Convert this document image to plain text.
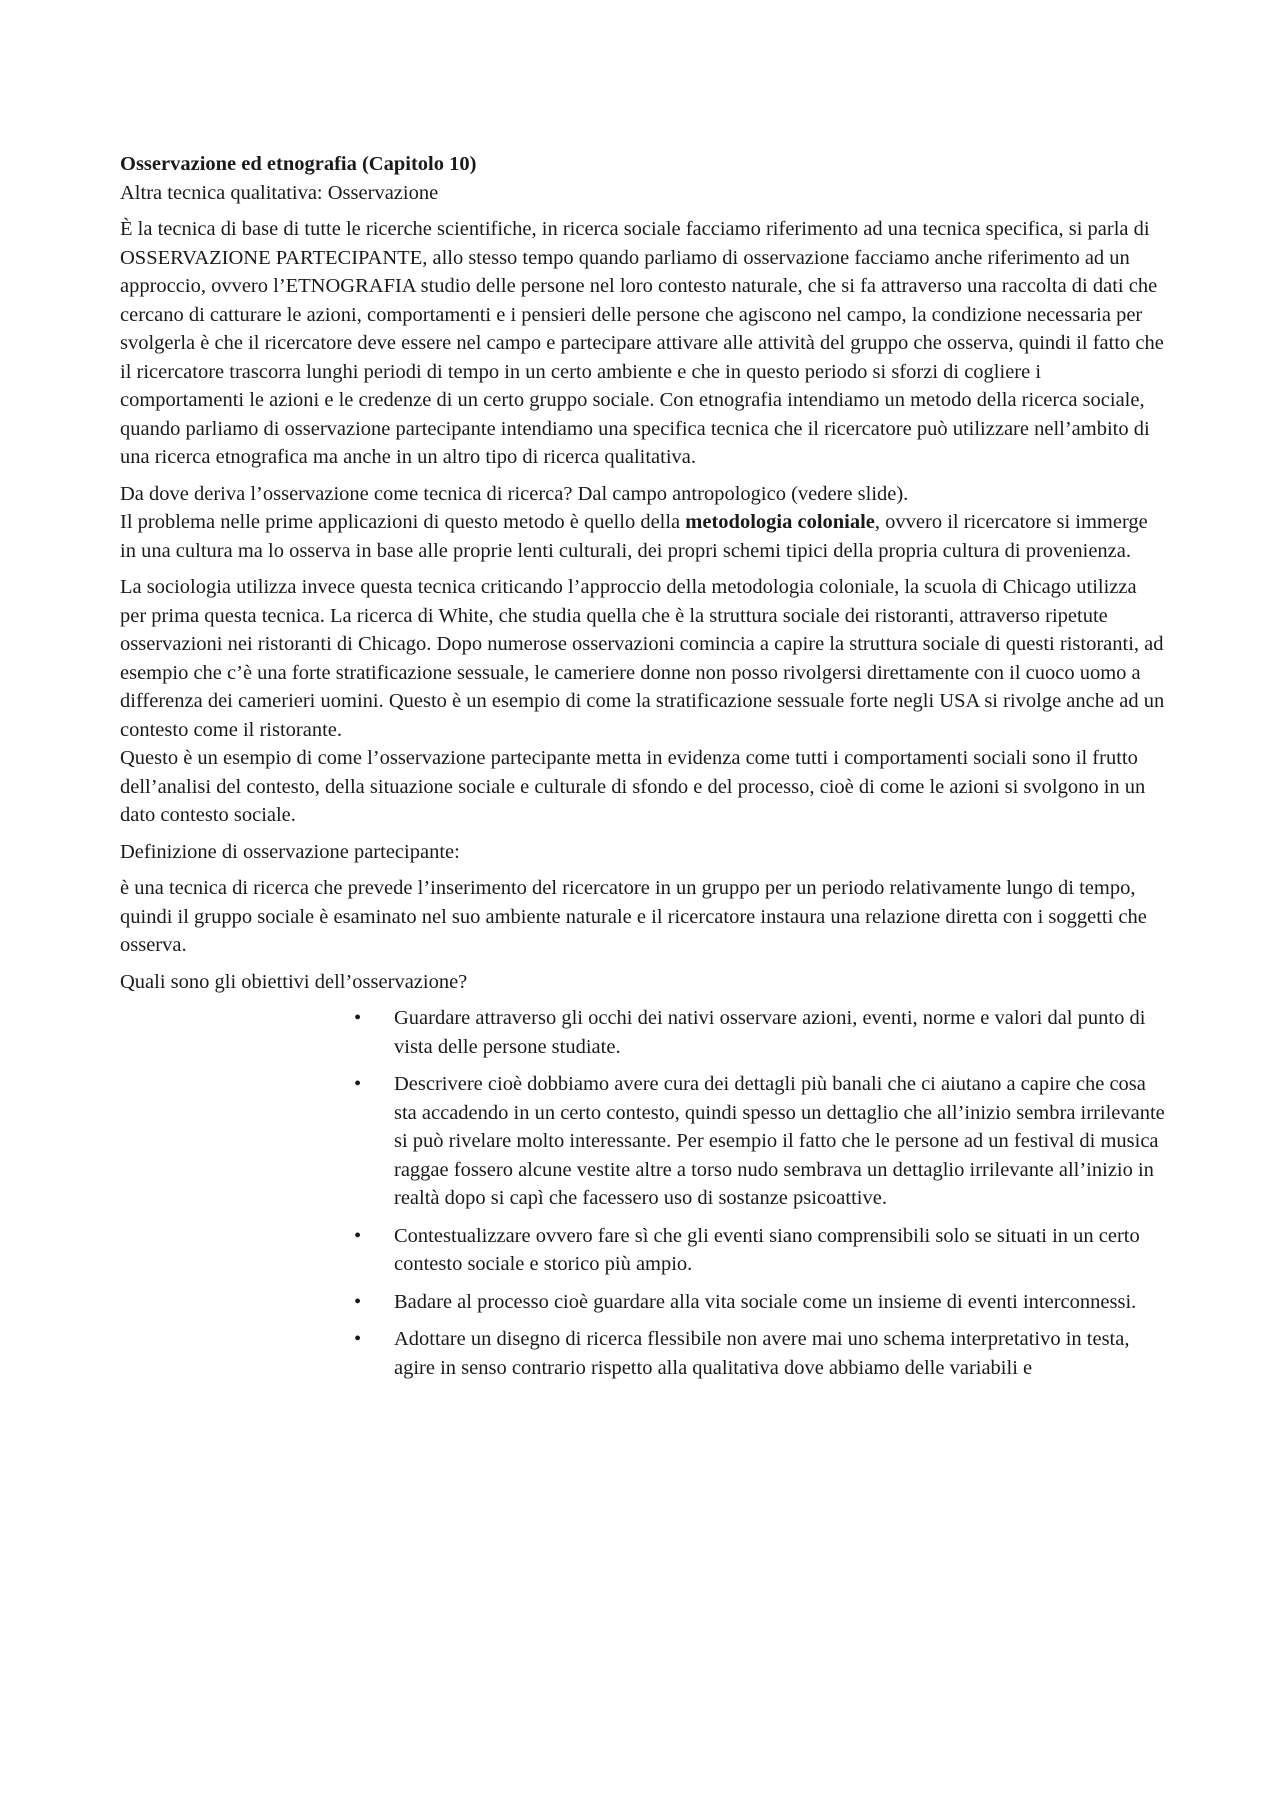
Osservazione ed etnografia (Capitolo 10)
Altra tecnica qualitativa: Osservazione

È la tecnica di base di tutte le ricerche scientifiche, in ricerca sociale facciamo riferimento ad una tecnica specifica, si parla di OSSERVAZIONE PARTECIPANTE, allo stesso tempo quando parliamo di osservazione facciamo anche riferimento ad un approccio, ovvero l’ETNOGRAFIA studio delle persone nel loro contesto naturale, che si fa attraverso una raccolta di dati che cercano di catturare le azioni, comportamenti e i pensieri delle persone che agiscono nel campo, la condizione necessaria per svolgerla è che il ricercatore deve essere nel campo e partecipare attivare alle attività del gruppo che osserva, quindi il fatto che il ricercatore trascorra lunghi periodi di tempo in un certo ambiente e che in questo periodo si sforzi di cogliere i comportamenti le azioni e le credenze di un certo gruppo sociale. Con etnografia intendiamo un metodo della ricerca sociale, quando parliamo di osservazione partecipante intendiamo una specifica tecnica che il ricercatore può utilizzare nell’ambito di una ricerca etnografica ma anche in un altro tipo di ricerca qualitativa.

Da dove deriva l’osservazione come tecnica di ricerca? Dal campo antropologico (vedere slide).

Il problema nelle prime applicazioni di questo metodo è quello della metodologia coloniale, ovvero il ricercatore si immerge in una cultura ma lo osserva in base alle proprie lenti culturali, dei propri schemi tipici della propria cultura di provenienza.

La sociologia utilizza invece questa tecnica criticando l’approccio della metodologia coloniale, la scuola di Chicago utilizza per prima questa tecnica. La ricerca di White, che studia quella che è la struttura sociale dei ristoranti, attraverso ripetute osservazioni nei ristoranti di Chicago. Dopo numerose osservazioni comincia a capire la struttura sociale di questi ristoranti, ad esempio che c’è una forte stratificazione sessuale, le cameriere donne non posso rivolgersi direttamente con il cuoco uomo a differenza dei camerieri uomini. Questo è un esempio di come la stratificazione sessuale forte negli USA si rivolge anche ad un contesto come il ristorante.

Questo è un esempio di come l’osservazione partecipante metta in evidenza come tutti i comportamenti sociali sono il frutto dell’analisi del contesto, della situazione sociale e culturale di sfondo e del processo, cioè di come le azioni si svolgono in un dato contesto sociale.

Definizione di osservazione partecipante:

è una tecnica di ricerca che prevede l’inserimento del ricercatore in un gruppo per un periodo relativamente lungo di tempo, quindi il gruppo sociale è esaminato nel suo ambiente naturale e il ricercatore instaura una relazione diretta con i soggetti che osserva.

Quali sono gli obiettivi dell’osservazione?

•	Guardare attraverso gli occhi dei nativi osservare azioni, eventi, norme e valori dal punto di vista delle persone studiate.
•	Descrivere cioè dobbiamo avere cura dei dettagli più banali che ci aiutano a capire che cosa sta accadendo in un certo contesto, quindi spesso un dettaglio che all’inizio sembra irrilevante si può rivelare molto interessante. Per esempio il fatto che le persone ad un festival di musica raggae fossero alcune vestite altre a torso nudo sembrava un dettaglio irrilevante all’inizio in realtà dopo si capì che facessero uso di sostanze psicoattive.
•	Contestualizzare ovvero fare sì che gli eventi siano comprensibili solo se situati in un certo contesto sociale e storico più ampio.
•	Badare al processo cioè guardare alla vita sociale come un insieme di eventi interconnessi.
•	Adottare un disegno di ricerca flessibile non avere mai uno schema interpretativo in testa, agire in senso contrario rispetto alla qualitativa dove abbiamo delle variabili e
